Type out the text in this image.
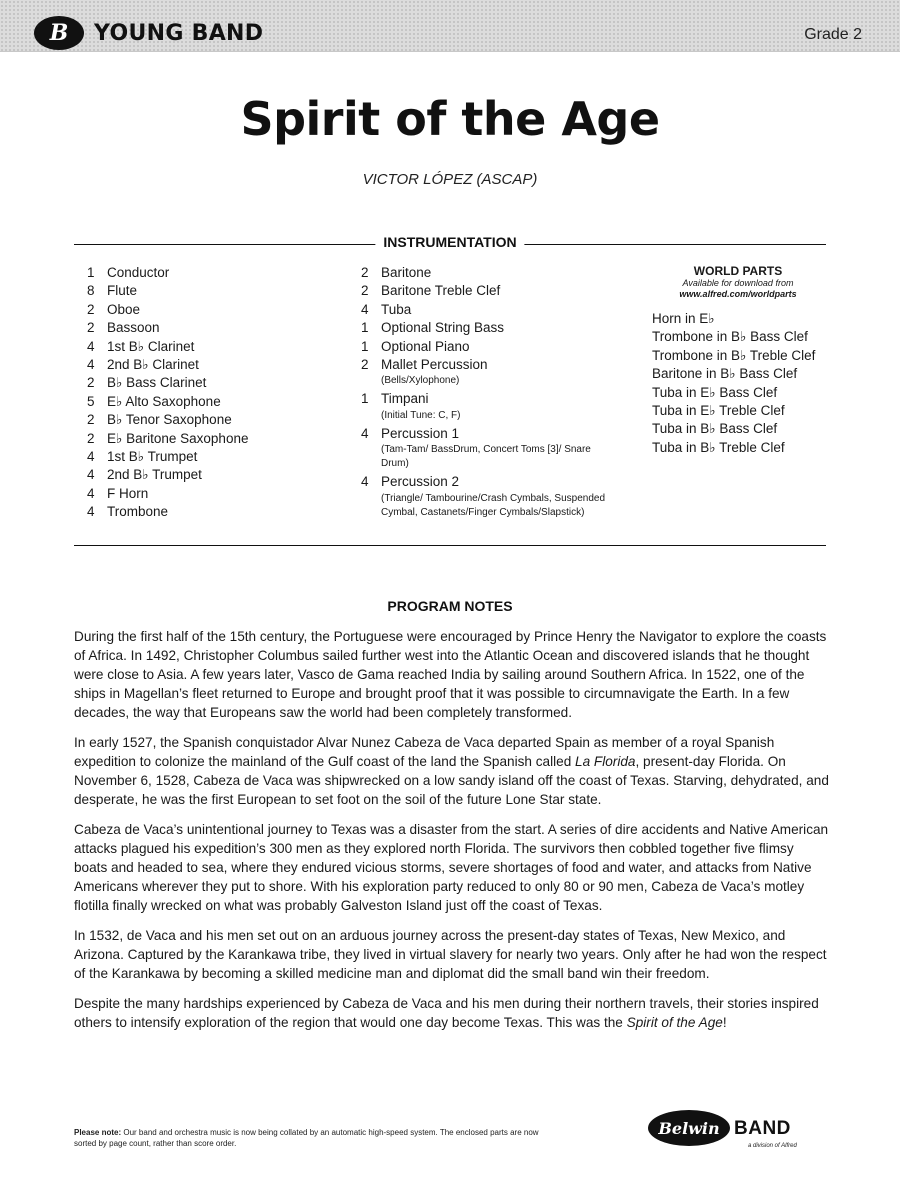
B	YOUNG BAND	Grade 2
Spirit of the Age
VICTOR LÓPEZ (ASCAP)
INSTRUMENTATION
1 Conductor
8 Flute
2 Oboe
2 Bassoon
4 1st B♭ Clarinet
4 2nd B♭ Clarinet
2 B♭ Bass Clarinet
5 E♭ Alto Saxophone
2 B♭ Tenor Saxophone
2 E♭ Baritone Saxophone
4 1st B♭ Trumpet
4 2nd B♭ Trumpet
4 F Horn
4 Trombone
2 Baritone
2 Baritone Treble Clef
4 Tuba
1 Optional String Bass
1 Optional Piano
2 Mallet Percussion
(Bells/Xylophone)
1 Timpani
(Initial Tune: C, F)
4 Percussion 1
(Tam-Tam/ BassDrum, Concert Toms [3]/ Snare Drum)
4 Percussion 2
(Triangle/ Tambourine/Crash Cymbals, Suspended Cymbal, Castanets/Finger Cymbals/Slapstick)
WORLD PARTS
Available for download from
www.alfred.com/worldparts
Horn in E♭
Trombone in B♭ Bass Clef
Trombone in B♭ Treble Clef
Baritone in B♭ Bass Clef
Tuba in E♭ Bass Clef
Tuba in E♭ Treble Clef
Tuba in B♭ Bass Clef
Tuba in B♭ Treble Clef
PROGRAM NOTES

During the first half of the 15th century, the Portuguese were encouraged by Prince Henry the Navigator to explore the coasts of Africa. In 1492, Christopher Columbus sailed further west into the Atlantic Ocean and discovered islands that he thought were close to Asia. A few years later, Vasco de Gama reached India by sailing around Southern Africa. In 1522, one of the ships in Magellan’s fleet returned to Europe and brought proof that it was possible to circumnavigate the Earth. In a few decades, the way that Europeans saw the world had been completely transformed.

In early 1527, the Spanish conquistador Alvar Nunez Cabeza de Vaca departed Spain as member of a royal Spanish expedition to colonize the mainland of the Gulf coast of the land the Spanish called La Florida, present-day Florida. On November 6, 1528, Cabeza de Vaca was shipwrecked on a low sandy island off the coast of Texas. Starving, dehydrated, and desperate, he was the first European to set foot on the soil of the future Lone Star state.

Cabeza de Vaca’s unintentional journey to Texas was a disaster from the start. A series of dire accidents and Native American attacks plagued his expedition’s 300 men as they explored north Florida. The survivors then cobbled together five flimsy boats and headed to sea, where they endured vicious storms, severe shortages of food and water, and attacks from Native Americans wherever they put to shore. With his exploration party reduced to only 80 or 90 men, Cabeza de Vaca’s motley flotilla finally wrecked on what was probably Galveston Island just off the coast of Texas.

In 1532, de Vaca and his men set out on an arduous journey across the present-day states of Texas, New Mexico, and Arizona. Captured by the Karankawa tribe, they lived in virtual slavery for nearly two years. Only after he had won the respect of the Karankawa by becoming a skilled medicine man and diplomat did the small band win their freedom.

Despite the many hardships experienced by Cabeza de Vaca and his men during their northern travels, their stories inspired others to intensify exploration of the region that would one day become Texas. This was the Spirit of the Age!

Please note: Our band and orchestra music is now being collated by an automatic high-speed system. The enclosed parts are now sorted by page count, rather than score order.
Belwin BAND
a division of Alfred
